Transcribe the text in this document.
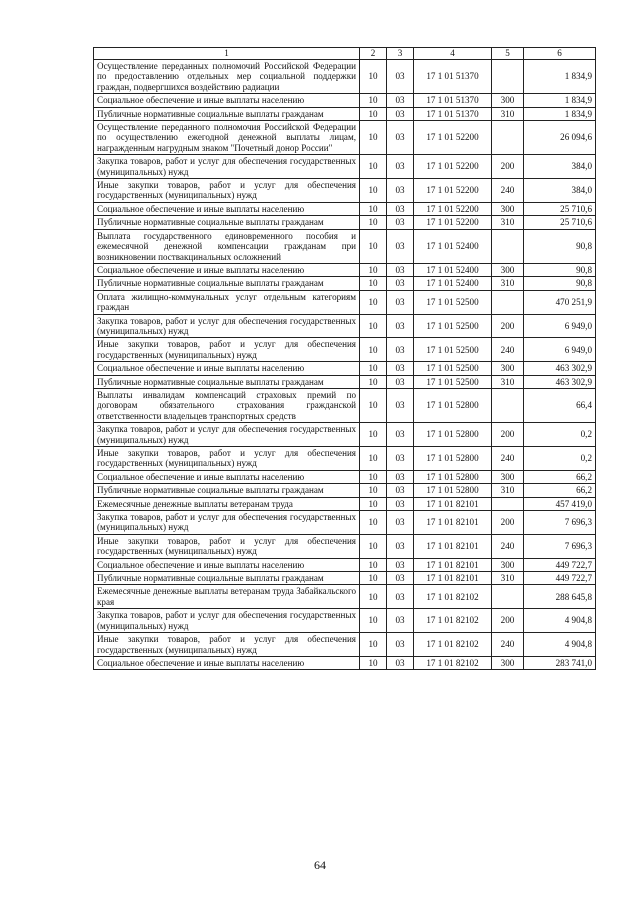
1	2	3	4	5	6
Осуществление переданных полномочий Российской Федерации по предоставлению отдельных мер социальной поддержки граждан, подвергшихся воздействию радиации	10	03	17 1 01 51370		1 834,9
Социальное обеспечение и иные выплаты населению	10	03	17 1 01 51370	300	1 834,9
Публичные нормативные социальные выплаты гражданам	10	03	17 1 01 51370	310	1 834,9
Осуществление переданного полномочия Российской Федерации по осуществлению ежегодной денежной выплаты лицам, награжденным нагрудным знаком "Почетный донор России"	10	03	17 1 01 52200		26 094,6
Закупка товаров, работ и услуг для обеспечения государственных (муниципальных) нужд	10	03	17 1 01 52200	200	384,0
Иные закупки товаров, работ и услуг для обеспечения государственных (муниципальных) нужд	10	03	17 1 01 52200	240	384,0
Социальное обеспечение и иные выплаты населению	10	03	17 1 01 52200	300	25 710,6
Публичные нормативные социальные выплаты гражданам	10	03	17 1 01 52200	310	25 710,6
Выплата государственного единовременного пособия и ежемесячной денежной компенсации гражданам при возникновении поствакцинальных осложнений	10	03	17 1 01 52400		90,8
Социальное обеспечение и иные выплаты населению	10	03	17 1 01 52400	300	90,8
Публичные нормативные социальные выплаты гражданам	10	03	17 1 01 52400	310	90,8
Оплата жилищно-коммунальных услуг отдельным категориям граждан	10	03	17 1 01 52500		470 251,9
Закупка товаров, работ и услуг для обеспечения государственных (муниципальных) нужд	10	03	17 1 01 52500	200	6 949,0
Иные закупки товаров, работ и услуг для обеспечения государственных (муниципальных) нужд	10	03	17 1 01 52500	240	6 949,0
Социальное обеспечение и иные выплаты населению	10	03	17 1 01 52500	300	463 302,9
Публичные нормативные социальные выплаты гражданам	10	03	17 1 01 52500	310	463 302,9
Выплаты инвалидам компенсаций страховых премий по договорам обязательного страхования гражданской ответственности владельцев транспортных средств	10	03	17 1 01 52800		66,4
Закупка товаров, работ и услуг для обеспечения государственных (муниципальных) нужд	10	03	17 1 01 52800	200	0,2
Иные закупки товаров, работ и услуг для обеспечения государственных (муниципальных) нужд	10	03	17 1 01 52800	240	0,2
Социальное обеспечение и иные выплаты населению	10	03	17 1 01 52800	300	66,2
Публичные нормативные социальные выплаты гражданам	10	03	17 1 01 52800	310	66,2
Ежемесячные денежные выплаты ветеранам труда	10	03	17 1 01 82101		457 419,0
Закупка товаров, работ и услуг для обеспечения государственных (муниципальных) нужд	10	03	17 1 01 82101	200	7 696,3
Иные закупки товаров, работ и услуг для обеспечения государственных (муниципальных) нужд	10	03	17 1 01 82101	240	7 696,3
Социальное обеспечение и иные выплаты населению	10	03	17 1 01 82101	300	449 722,7
Публичные нормативные социальные выплаты гражданам	10	03	17 1 01 82101	310	449 722,7
Ежемесячные денежные выплаты ветеранам труда Забайкальского края	10	03	17 1 01 82102		288 645,8
Закупка товаров, работ и услуг для обеспечения государственных (муниципальных) нужд	10	03	17 1 01 82102	200	4 904,8
Иные закупки товаров, работ и услуг для обеспечения государственных (муниципальных) нужд	10	03	17 1 01 82102	240	4 904,8
Социальное обеспечение и иные выплаты населению	10	03	17 1 01 82102	300	283 741,0
64
